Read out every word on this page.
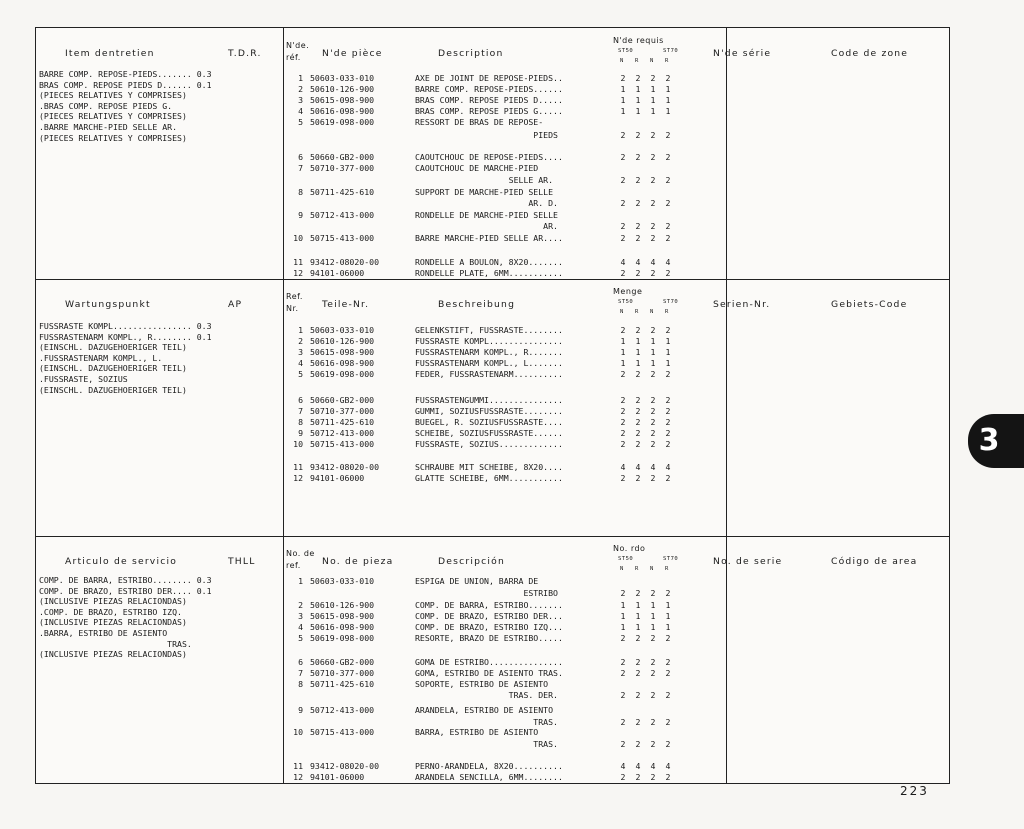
Item dentretien	T.D.R.
N'de.
réf. N'de pièce	Description
N'de requis
ST50	ST70
N R N R
N'de série	Code de zone
BARRE COMP. REPOSE-PIEDS....... 0.3
BRAS COMP. REPOSE PIEDS D...... 0.1
(PIECES RELATIVES Y COMPRISES)
.BRAS COMP. REPOSE PIEDS G.
(PIECES RELATIVES Y COMPRISES)
.BARRE MARCHE-PIED SELLE AR.
(PIECES RELATIVES Y COMPRISES)
1 50603-033-010	AXE DE JOINT DE REPOSE-PIEDS..	2	2	2	2
2 50610-126-900	BARRE COMP. REPOSE-PIEDS......	1	1	1	1
3 50615-098-900	BRAS COMP. REPOSE PIEDS D.....	1	1	1	1
4 50616-098-900	BRAS COMP. REPOSE PIEDS G.....	1	1	1	1
5 50619-098-000	RESSORT DE BRAS DE REPOSE-
PIEDS	2	2	2	2
6 50660-GB2-000	CAOUTCHOUC DE REPOSE-PIEDS....	2	2	2	2
7 50710-377-000	CAOUTCHOUC DE MARCHE-PIED
SELLE AR.	2	2	2	2
8 50711-425-610	SUPPORT DE MARCHE-PIED SELLE
AR. D.	2	2	2	2
9 50712-413-000	RONDELLE DE MARCHE-PIED SELLE
AR.	2	2	2	2
10 50715-413-000	BARRE MARCHE-PIED SELLE AR....	2	2	2	2
11 93412-08020-00	RONDELLE A BOULON, 8X20.......	4	4	4	4
12 94101-06000	RONDELLE PLATE, 6MM...........	2	2	2	2
Wartungspunkt	AP
Ref.
Nr.	Teile-Nr.	Beschreibung
Menge
ST50	ST70
N R N R
Serien-Nr.	Gebiets-Code
FUSSRASTE KOMPL................ 0.3
FUSSRASTENARM KOMPL., R........ 0.1
(EINSCHL. DAZUGEHOERIGER TEIL)
.FUSSRASTENARM KOMPL., L.
(EINSCHL. DAZUGEHOERIGER TEIL)
.FUSSRASTE, SOZIUS
(EINSCHL. DAZUGEHOERIGER TEIL)
1 50603-033-010	GELENKSTIFT, FUSSRASTE........	2	2	2	2
2 50610-126-900	FUSSRASTE KOMPL...............	1	1	1	1
3 50615-098-900	FUSSRASTENARM KOMPL., R.......	1	1	1	1
4 50616-098-900	FUSSRASTENARM KOMPL., L.......	1	1	1	1
5 50619-098-000	FEDER, FUSSRASTENARM..........	2	2	2	2
6 50660-GB2-000	FUSSRASTENGUMMI...............	2	2	2	2
7 50710-377-000	GUMMI, SOZIUSFUSSRASTE........	2	2	2	2
8 50711-425-610	BUEGEL, R. SOZIUSFUSSRASTE....	2	2	2	2
9 50712-413-000	SCHEIBE, SOZIUSFUSSRASTE......	2	2	2	2
10 50715-413-000	FUSSRASTE, SOZIUS.............	2	2	2	2
11 93412-08020-00	SCHRAUBE MIT SCHEIBE, 8X20....	4	4	4	4
12 94101-06000	GLATTE SCHEIBE, 6MM...........	2	2	2	2
Articulo de servicio	THLL
No. de
ref. No. de pieza	Descripción
No. rdo
ST50	ST70
N R N R
No. de serie	Código de area
COMP. DE BARRA, ESTRIBO........ 0.3
COMP. DE BRAZO, ESTRIBO DER.... 0.1
(INCLUSIVE PIEZAS RELACIONDAS)
.COMP. DE BRAZO, ESTRIBO IZQ.
(INCLUSIVE PIEZAS RELACIONDAS)
.BARRA, ESTRIBO DE ASIENTO
TRAS.
(INCLUSIVE PIEZAS RELACIONDAS)
1 50603-033-010	ESPIGA DE UNION, BARRA DE
ESTRIBO	2	2	2	2
2 50610-126-900	COMP. DE BARRA, ESTRIBO.......	1	1	1	1
3 50615-098-900	COMP. DE BRAZO, ESTRIBO DER...	1	1	1	1
4 50616-098-900	COMP. DE BRAZO, ESTRIBO IZQ...	1	1	1	1
5 50619-098-000	RESORTE, BRAZO DE ESTRIBO.....	2	2	2	2
6 50660-GB2-000	GOMA DE ESTRIBO...............	2	2	2	2
7 50710-377-000	GOMA, ESTRIBO DE ASIENTO TRAS.	2	2	2	2
8 50711-425-610	SOPORTE, ESTRIBO DE ASIENTO
TRAS. DER.	2	2	2	2
9 50712-413-000	ARANDELA, ESTRIBO DE ASIENTO
TRAS.	2	2	2	2
10 50715-413-000	BARRA, ESTRIBO DE ASIENTO
TRAS.	2	2	2	2
11 93412-08020-00	PERNO-ARANDELA, 8X20..........	4	4	4	4
12 94101-06000	ARANDELA SENCILLA, 6MM........	2	2	2	2
3
223
